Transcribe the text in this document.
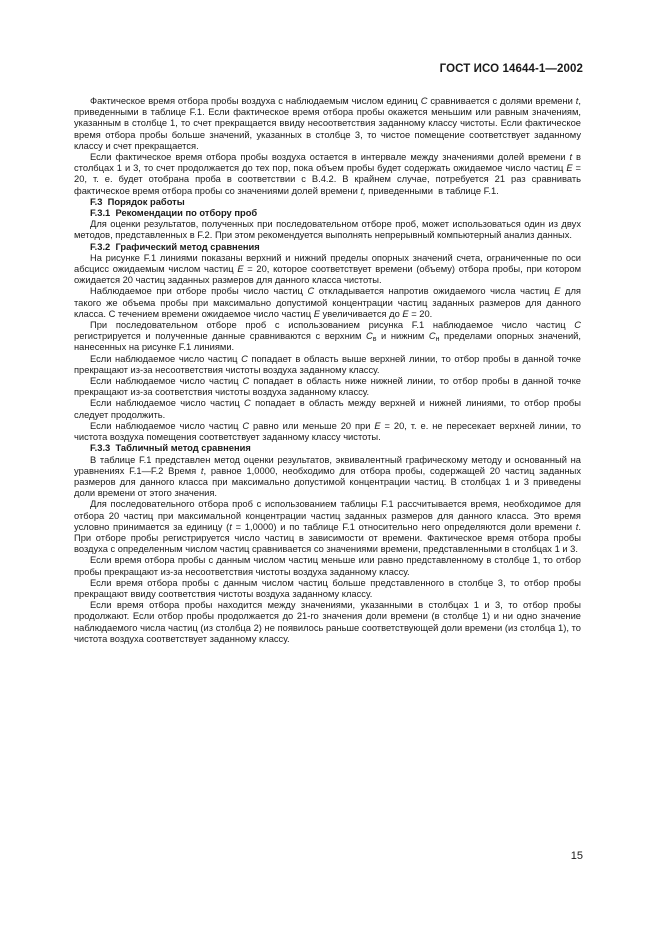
ГОСТ ИСО 14644-1—2002

Фактическое время отбора пробы воздуха с наблюдаемым числом единиц C сравнивается с долями времени t, приведенными в таблице F.1. Если фактическое время отбора пробы окажется меньшим или равным значениям, указанным в столбце 1, то счет прекращается ввиду несоответствия заданному классу чистоты. Если фактическое время отбора пробы больше значений, указанных в столбце 3, то чистое помещение соответствует заданному классу и счет прекращается.

Если фактическое время отбора пробы воздуха остается в интервале между значениями долей времени t в столбцах 1 и 3, то счет продолжается до тех пор, пока объем пробы будет содержать ожидаемое число частиц E = 20, т. е. будет отобрана проба в соответствии с В.4.2. В крайнем случае, потребуется 21 раз сравнивать фактическое время отбора пробы со значениями долей времени t, приведенными  в таблице F.1.

F.3  Порядок работы
F.3.1  Рекомендации по отбору проб

Для оценки результатов, полученных при последовательном отборе проб, может использоваться один из двух методов, представленных в F.2. При этом рекомендуется выполнять непрерывный компьютерный анализ данных.

F.3.2  Графический метод сравнения

На рисунке F.1 линиями показаны верхний и нижний пределы опорных значений счета, ограниченные по оси абсцисс ожидаемым числом частиц E = 20, которое соответствует времени (объему) отбора пробы, при котором ожидается 20 частиц заданных размеров для данного класса чистоты.

Наблюдаемое при отборе пробы число частиц C откладывается напротив ожидаемого числа частиц E для такого же объема пробы при максимально допустимой концентрации частиц заданных размеров для данного класса. С течением времени ожидаемое число частиц E увеличивается до E = 20.

При последовательном отборе проб с использованием рисунка F.1 наблюдаемое число частиц C регистрируется и полученные данные сравниваются с верхним $C_в$ и нижним $C_н$ пределами опорных значений, нанесенных на рисунке F.1 линиями.

Если наблюдаемое число частиц C попадает в область выше верхней линии, то отбор пробы в данной точке прекращают из-за несоответствия чистоты воздуха заданному классу.

Если наблюдаемое число частиц C попадает в область ниже нижней линии, то отбор пробы в данной точке прекращают из-за соответствия чистоты воздуха заданному классу.

Если наблюдаемое число частиц C попадает в область между верхней и нижней линиями, то отбор пробы следует продолжить.

Если наблюдаемое число частиц C равно или меньше 20 при E = 20, т. е. не пересекает верхней линии, то чистота воздуха помещения соответствует заданному классу чистоты.

F.3.3  Табличный метод сравнения

В таблице F.1 представлен метод оценки результатов, эквивалентный графическому методу и основанный на уравнениях F.1—F.2 Время t, равное 1,0000, необходимо для отбора пробы, содержащей 20 частиц заданных размеров для данного класса при максимально допустимой концентрации частиц. В столбцах 1 и 3 приведены доли времени от этого значения.

Для последовательного отбора проб с использованием таблицы F.1 рассчитывается время, необходимое для отбора 20 частиц при максимальной концентрации частиц заданных размеров для данного класса. Это время условно принимается за единицу (t = 1,0000) и по таблице F.1 относительно него определяются доли времени t. При отборе пробы регистрируется число частиц в зависимости от времени. Фактическое время отбора пробы воздуха с определенным числом частиц сравнивается со значениями времени, представленными в столбцах 1 и 3.

Если время отбора пробы с данным числом частиц меньше или равно представленному в столбце 1, то отбор пробы прекращают из-за несоответствия чистоты воздуха заданному классу.

Если время отбора пробы с данным числом частиц больше представленного в столбце 3, то отбор пробы прекращают ввиду соответствия чистоты воздуха заданному классу.

Если время отбора пробы находится между значениями, указанными в столбцах 1 и 3, то отбор пробы продолжают. Если отбор пробы продолжается до 21-го значения доли времени (в столбце 1) и ни одно значение наблюдаемого числа частиц (из столбца 2) не появилось раньше соответствующей доли времени (из столбца 1), то чистота воздуха соответствует заданному классу.

15
